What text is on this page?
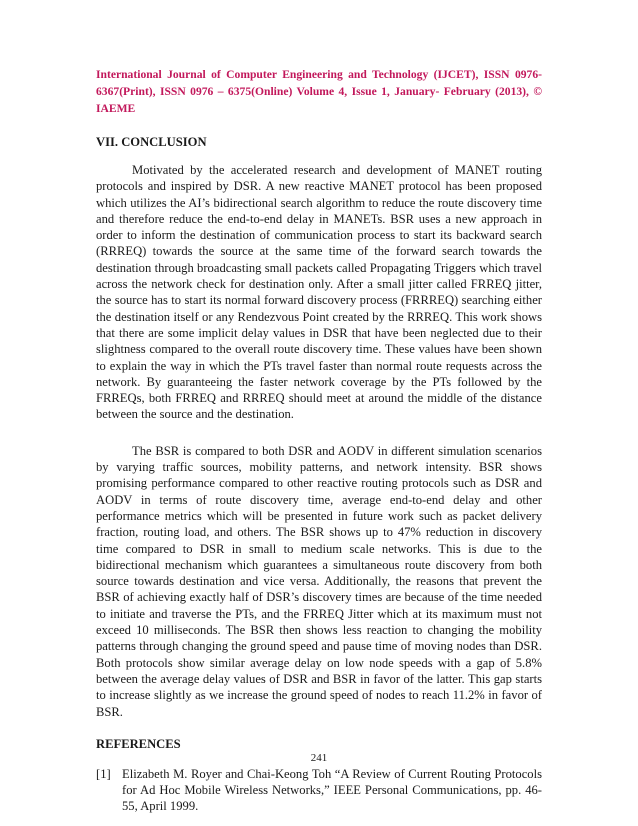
International Journal of Computer Engineering and Technology (IJCET), ISSN 0976-6367(Print), ISSN 0976 – 6375(Online) Volume 4, Issue 1, January- February (2013), © IAEME

VII. CONCLUSION

Motivated by the accelerated research and development of MANET routing protocols and inspired by DSR. A new reactive MANET protocol has been proposed which utilizes the AI’s bidirectional search algorithm to reduce the route discovery time and therefore reduce the end-to-end delay in MANETs. BSR uses a new approach in order to inform the destination of communication process to start its backward search (RRREQ) towards the source at the same time of the forward search towards the destination through broadcasting small packets called Propagating Triggers which travel across the network check for destination only. After a small jitter called FRREQ jitter, the source has to start its normal forward discovery process (FRRREQ) searching either the destination itself or any Rendezvous Point created by the RRREQ. This work shows that there are some implicit delay values in DSR that have been neglected due to their slightness compared to the overall route discovery time. These values have been shown to explain the way in which the PTs travel faster than normal route requests across the network. By guaranteeing the faster network coverage by the PTs followed by the FRREQs, both FRREQ and RRREQ should meet at around the middle of the distance between the source and the destination.

The BSR is compared to both DSR and AODV in different simulation scenarios by varying traffic sources, mobility patterns, and network intensity. BSR shows promising performance compared to other reactive routing protocols such as DSR and AODV in terms of route discovery time, average end-to-end delay and other performance metrics which will be presented in future work such as packet delivery fraction, routing load, and others. The BSR shows up to 47% reduction in discovery time compared to DSR in small to medium scale networks. This is due to the bidirectional mechanism which guarantees a simultaneous route discovery from both source towards destination and vice versa. Additionally, the reasons that prevent the BSR of achieving exactly half of DSR’s discovery times are because of the time needed to initiate and traverse the PTs, and the FRREQ Jitter which at its maximum must not exceed 10 milliseconds. The BSR then shows less reaction to changing the mobility patterns through changing the ground speed and pause time of moving nodes than DSR. Both protocols show similar average delay on low node speeds with a gap of 5.8% between the average delay values of DSR and BSR in favor of the latter. This gap starts to increase slightly as we increase the ground speed of nodes to reach 11.2% in favor of BSR.

REFERENCES
[1] Elizabeth M. Royer and Chai-Keong Toh “A Review of Current Routing Protocols for Ad Hoc Mobile Wireless Networks,” IEEE Personal Communications, pp. 46-55, April 1999.
241
